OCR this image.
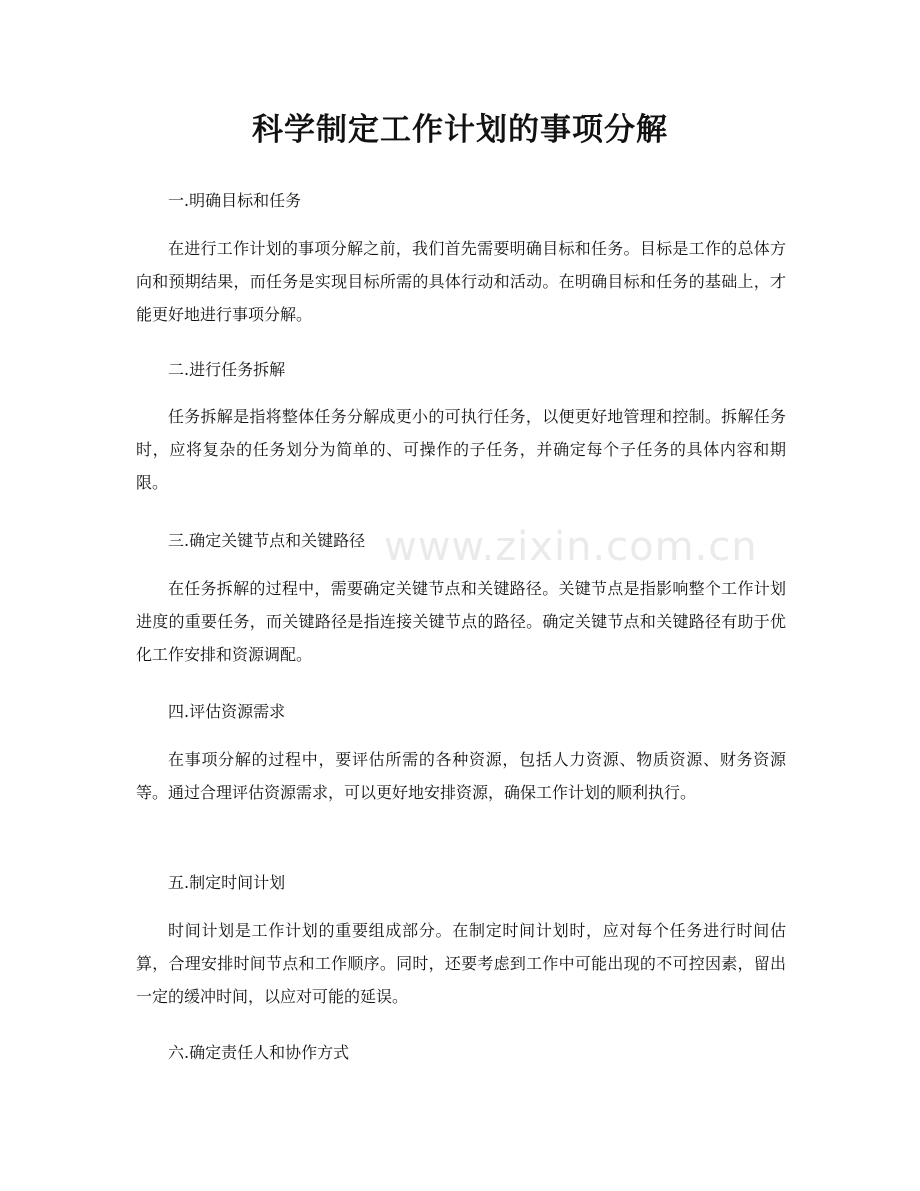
科学制定工作计划的事项分解
www.zixin.com.cn
一.明确目标和任务
在进行工作计划的事项分解之前，我们首先需要明确目标和任务。目标是工作的总体方向和预期结果，而任务是实现目标所需的具体行动和活动。在明确目标和任务的基础上，才能更好地进行事项分解。
二.进行任务拆解
任务拆解是指将整体任务分解成更小的可执行任务，以便更好地管理和控制。拆解任务时，应将复杂的任务划分为简单的、可操作的子任务，并确定每个子任务的具体内容和期限。
三.确定关键节点和关键路径
在任务拆解的过程中，需要确定关键节点和关键路径。关键节点是指影响整个工作计划进度的重要任务，而关键路径是指连接关键节点的路径。确定关键节点和关键路径有助于优化工作安排和资源调配。
四.评估资源需求
在事项分解的过程中，要评估所需的各种资源，包括人力资源、物质资源、财务资源等。通过合理评估资源需求，可以更好地安排资源，确保工作计划的顺利执行。
五.制定时间计划
时间计划是工作计划的重要组成部分。在制定时间计划时，应对每个任务进行时间估算，合理安排时间节点和工作顺序。同时，还要考虑到工作中可能出现的不可控因素，留出一定的缓冲时间，以应对可能的延误。
六.确定责任人和协作方式
